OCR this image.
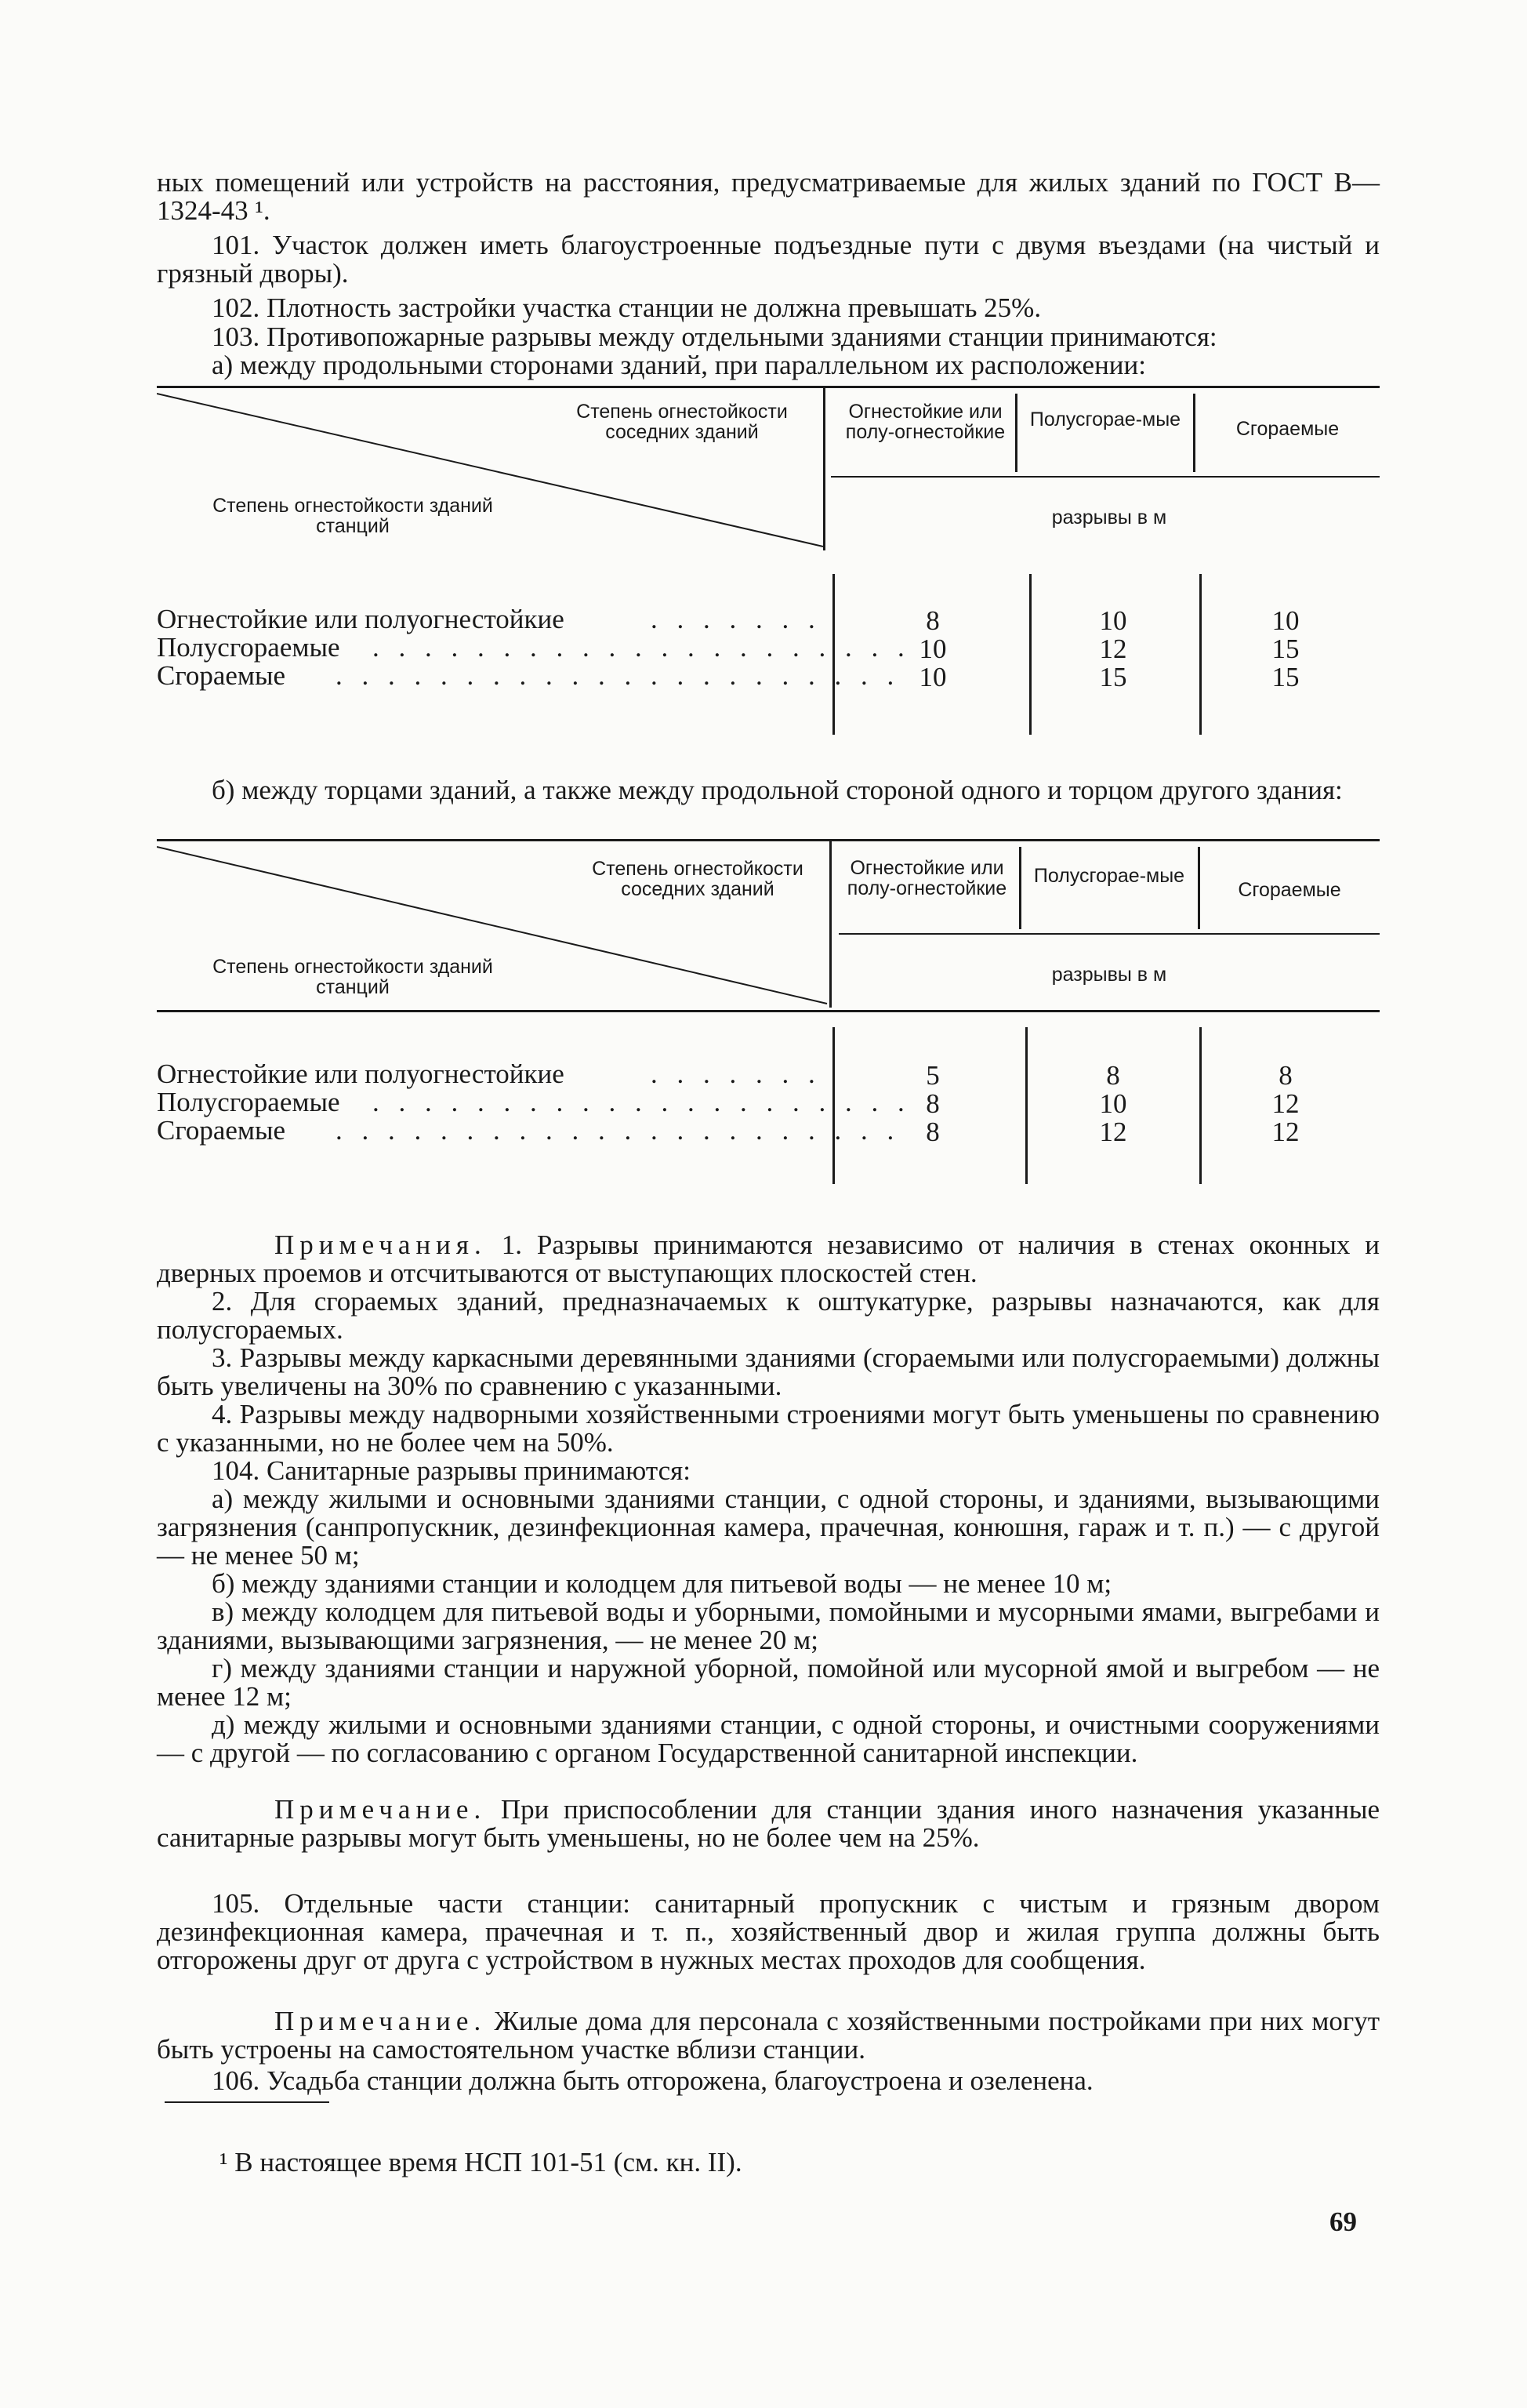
ных помещений или устройств на расстояния, предусматриваемые для жилых зданий по ГОСТ В—1324-43 ¹.

101. Участок должен иметь благоустроенные подъездные пути с двумя въездами (на чистый и грязный дворы).

102. Плотность застройки участка станции не должна превышать 25%.

103. Противопожарные разрывы между отдельными зданиями станции принимаются:

а) между продольными сторонами зданий, при параллельном их расположении:

Степень огнестойкости соседних зданий
Степень огнестойкости зданий станций
Огнестойкие или полу-огнестойкие
Полусгорае-мые	Сгораемые
разрывы в м
Огнестойкие или полуогнестойкие	. . . . . . .	8	10	10
Полусгораемые . . . . . . . . . . . . . . . . . . . . . 10	12	15
Сгораемые . . . . . . . . . . . . . . . . . . . . . . 10	15	15

б) между торцами зданий, а также между продольной стороной одного и торцом другого здания:

Степень огнестойкости соседних зданий
Степень огнестойкости зданий станций
Огнестойкие или полу-огнестойкие
Полусгорае-мые
Сгораемые
разрывы в м
Огнестойкие или полуогнестойкие	. . . . . . .	5	8	8
Полусгораемые . . . . . . . . . . . . . . . . . . . . . 8	10	12
Сгораемые . . . . . . . . . . . . . . . . . . . . . . 8	12	12

Примечания. 1. Разрывы принимаются независимо от наличия в стенах оконных и дверных проемов и отсчитываются от выступающих плоскостей стен.

2. Для сгораемых зданий, предназначаемых к оштукатурке, разрывы назначаются, как для полусгораемых.

3. Разрывы между каркасными деревянными зданиями (сгораемыми или полусгораемыми) должны быть увеличены на 30% по сравнению с указанными.

4. Разрывы между надворными хозяйственными строениями могут быть уменьшены по сравнению с указанными, но не более чем на 50%.

104. Санитарные разрывы принимаются:

а) между жилыми и основными зданиями станции, с одной стороны, и зданиями, вызывающими загрязнения (санпропускник, дезинфекционная камера, прачечная, конюшня, гараж и т. п.) — с другой — не менее 50 м;

б) между зданиями станции и колодцем для питьевой воды — не менее 10 м;

в) между колодцем для питьевой воды и уборными, помойными и мусорными ямами, выгребами и зданиями, вызывающими загрязнения, — не менее 20 м;

г) между зданиями станции и наружной уборной, помойной или мусорной ямой и выгребом — не менее 12 м;

д) между жилыми и основными зданиями станции, с одной стороны, и очистными сооружениями— с другой — по согласованию с органом Государственной санитарной инспекции.

Примечание. При приспособлении для станции здания иного назначения указанные санитарные разрывы могут быть уменьшены, но не более чем на 25%.

105. Отдельные части станции: санитарный пропускник с чистым и грязным двором дезинфекционная камера, прачечная и т. п., хозяйственный двор и жилая группа должны быть отгорожены друг от друга с устройством в нужных местах проходов для сообщения.

Примечание. Жилые дома для персонала с хозяйственными постройками при них могут быть устроены на самостоятельном участке вблизи станции.

106. Усадьба станции должна быть отгорожена, благоустроена и озеленена.

¹ В настоящее время НСП 101-51 (см. кн. II).
69
